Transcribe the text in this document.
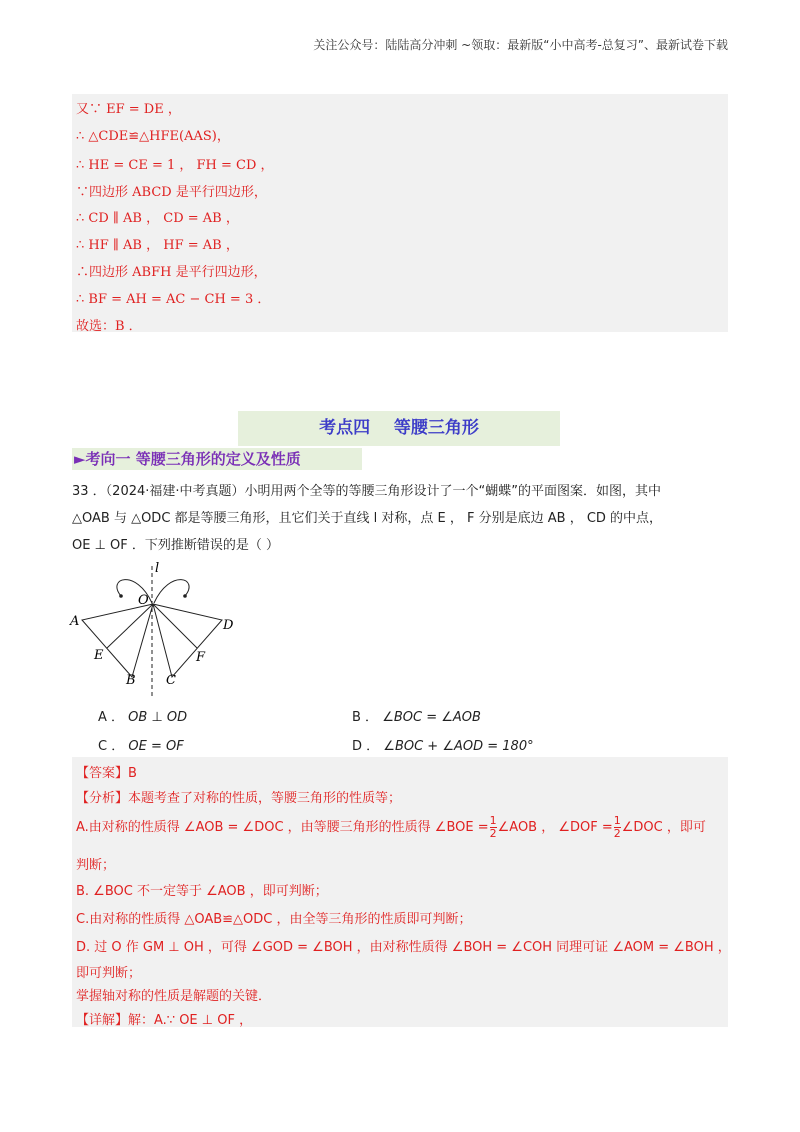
关注公众号：陆陆高分冲刺 ~领取：最新版“小中高考-总复习”、最新试卷下载
又∵ EF = DE ，
∴ △CDE≌△HFE(AAS)，
∴ HE = CE = 1 ， FH = CD ，
∵四边形 ABCD 是平行四边形，
∴ CD ∥ AB ， CD = AB ，
∴ HF ∥ AB ， HF = AB ，
∴四边形 ABFH 是平行四边形，
∴ BF = AH = AC − CH = 3 ．
故选：B ．
考点四    等腰三角形
►考向一 等腰三角形的定义及性质
33 ．（2024·福建·中考真题）小明用两个全等的等腰三角形设计了一个“蝴蝶”的平面图案．如图，其中
△OAB 与 △ODC 都是等腰三角形，且它们关于直线 l 对称，点 E ， F 分别是底边 AB ， CD 的中点，
OE ⊥ OF ．下列推断错误的是（ ）
l
O
A	D
E	F
B C
A ． OB ⊥ OD	B ． ∠BOC = ∠AOB
C ． OE = OF	D ． ∠BOC + ∠AOD = 180°
【答案】B
【分析】本题考查了对称的性质，等腰三角形的性质等；
A.由对称的性质得 ∠AOB = ∠DOC ，由等腰三角形的性质得 ∠BOE = $\frac{1}{2}$ ∠AOB ， ∠DOF = $\frac{1}{2}$ ∠DOC ，即可
判断；
B. ∠BOC 不一定等于 ∠AOB ，即可判断；
C.由对称的性质得 △OAB≌△ODC ，由全等三角形的性质即可判断；
D. 过 O 作 GM ⊥ OH ，可得 ∠GOD = ∠BOH ，由对称性质得 ∠BOH = ∠COH 同理可证 ∠AOM = ∠BOH ，
即可判断；
掌握轴对称的性质是解题的关键．
【详解】解：A.∵ OE ⊥ OF ，
